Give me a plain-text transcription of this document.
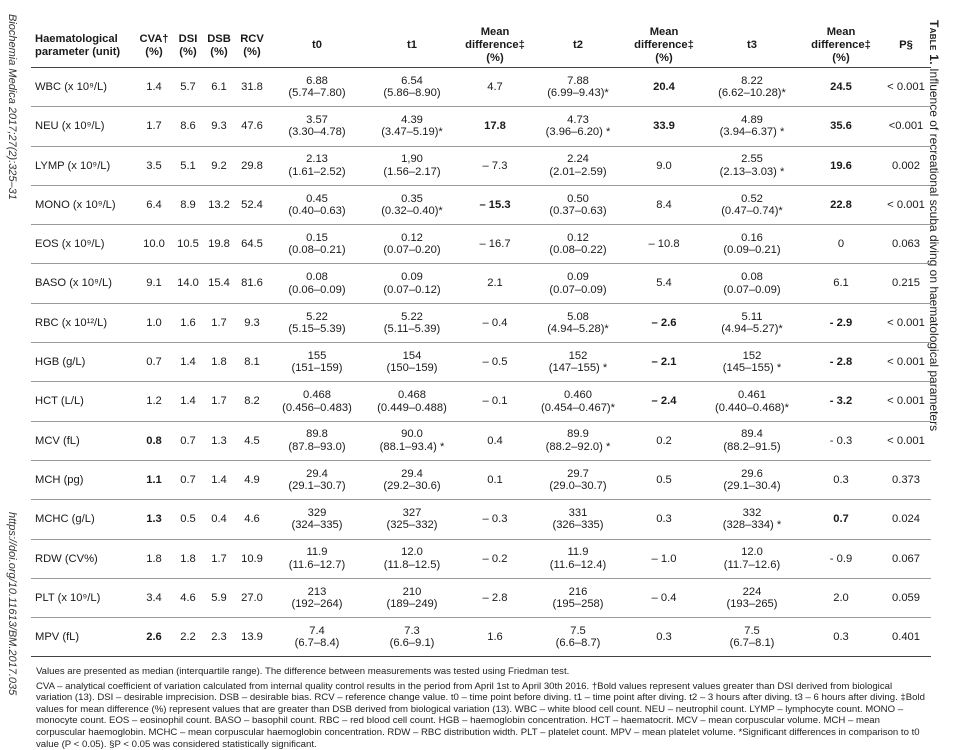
Biochemia Medica 2017;27(2):325–31
https://doi.org/10.11613/BM.2017.035
Table 1. Influence of recreational scuba diving on haematological parameters
Haematological parameter (unit)	CVA† (%)	DSI (%)	DSB (%)	RCV (%)	t0	t1	Mean difference‡ (%)	t2	Mean difference‡ (%)	t3	Mean difference‡ (%)	P§
WBC (x 10⁹/L)	1.4	5.7	6.1	31.8	6.88
(5.74–7.80)	6.54
(5.86–8.90)	4.7	7.88
(6.99–9.43)*	20.4	8.22
(6.62–10.28)*	24.5	< 0.001
NEU (x 10⁹/L)	1.7	8.6	9.3	47.6	3.57
(3.30–4.78)	4.39
(3.47–5.19)*	17.8	4.73
(3.96–6.20) *	33.9	4.89
(3.94–6.37) *	35.6	<0.001
LYMP (x 10⁹/L)	3.5	5.1	9.2	29.8	2.13
(1.61–2.52)	1,90
(1.56–2.17)	– 7.3	2.24
(2.01–2.59)	9.0	2.55
(2.13–3.03) *	19.6	0.002
MONO (x 10⁹/L)	6.4	8.9	13.2	52.4	0.45
(0.40–0.63)	0.35
(0.32–0.40)*	– 15.3	0.50
(0.37–0.63)	8.4	0.52
(0.47–0.74)*	22.8	< 0.001
EOS (x 10⁹/L)	10.0	10.5	19.8	64.5	0.15
(0.08–0.21)	0.12
(0.07–0.20)	– 16.7	0.12
(0.08–0.22)	– 10.8	0.16
(0.09–0.21)	0	0.063
BASO (x 10⁹/L)	9.1	14.0	15.4	81.6	0.08
(0.06–0.09)	0.09
(0.07–0.12)	2.1	0.09
(0.07–0.09)	5.4	0.08
(0.07–0.09)	6.1	0.215
RBC (x 10¹²/L)	1.0	1.6	1.7	9.3	5.22
(5.15–5.39)	5.22
(5.11–5.39)	– 0.4	5.08
(4.94–5.28)*	– 2.6	5.11
(4.94–5.27)*	- 2.9	< 0.001
HGB (g/L)	0.7	1.4	1.8	8.1	155
(151–159)	154
(150–159)	– 0.5	152
(147–155) *	– 2.1	152
(145–155) *	- 2.8	< 0.001
HCT (L/L)	1.2	1.4	1.7	8.2	0.468
(0.456–0.483)	0.468
(0.449–0.488)	– 0.1	0.460
(0.454–0.467)*	– 2.4	0.461
(0.440–0.468)*	- 3.2	< 0.001
MCV (fL)	0.8	0.7	1.3	4.5	89.8
(87.8–93.0)	90.0
(88.1–93.4) *	0.4	89.9
(88.2–92.0) *	0.2	89.4
(88.2–91.5)	- 0.3	< 0.001
MCH (pg)	1.1	0.7	1.4	4.9	29.4
(29.1–30.7)	29.4
(29.2–30.6)	0.1	29.7
(29.0–30.7)	0.5	29.6
(29.1–30.4)	0.3	0.373
MCHC (g/L)	1.3	0.5	0.4	4.6	329
(324–335)	327
(325–332)	– 0.3	331
(326–335)	0.3	332
(328–334) *	0.7	0.024
RDW (CV%)	1.8	1.8	1.7	10.9	11.9
(11.6–12.7)	12.0
(11.8–12.5)	– 0.2	11.9
(11.6–12.4)	– 1.0	12.0
(11.7–12.6)	- 0.9	0.067
PLT (x 10⁹/L)	3.4	4.6	5.9	27.0	213
(192–264)	210
(189–249)	– 2.8	216
(195–258)	– 0.4	224
(193–265)	2.0	0.059
MPV (fL)	2.6	2.2	2.3	13.9	7.4
(6.7–8.4)	7.3
(6.6–9.1)	1.6	7.5
(6.6–8.7)	0.3	7.5
(6.7–8.1)	0.3	0.401

Values are presented as median (interquartile range). The difference between measurements was tested using Friedman test.

CVA – analytical coefficient of variation calculated from internal quality control results in the period from April 1st to April 30th 2016. †Bold values represent values greater than DSI derived from biological variation (13). DSI – desirable imprecision. DSB – desirable bias. RCV – reference change value. t0 – time point before diving. t1 – time point after diving. t2 – 3 hours after diving. t3 – 6 hours after diving. ‡Bold values for mean difference (%) represent values that are greater than DSB derived from biological variation (13). WBC – white blood cell count. NEU – neutrophil count. LYMP – lymphocyte count. MONO – monocyte count. EOS – eosinophil count. BASO – basophil count. RBC – red blood cell count. HGB – haemoglobin concentration. HCT – haematocrit. MCV – mean corpuscular volume. MCH – mean corpuscular haemoglobin. MCHC – mean corpuscular haemoglobin concentration. RDW – RBC distribution width. PLT – platelet count. MPV – mean platelet volume. *Significant differences in comparison to t0 value (P < 0.05). §P < 0.05 was considered statistically significant.
